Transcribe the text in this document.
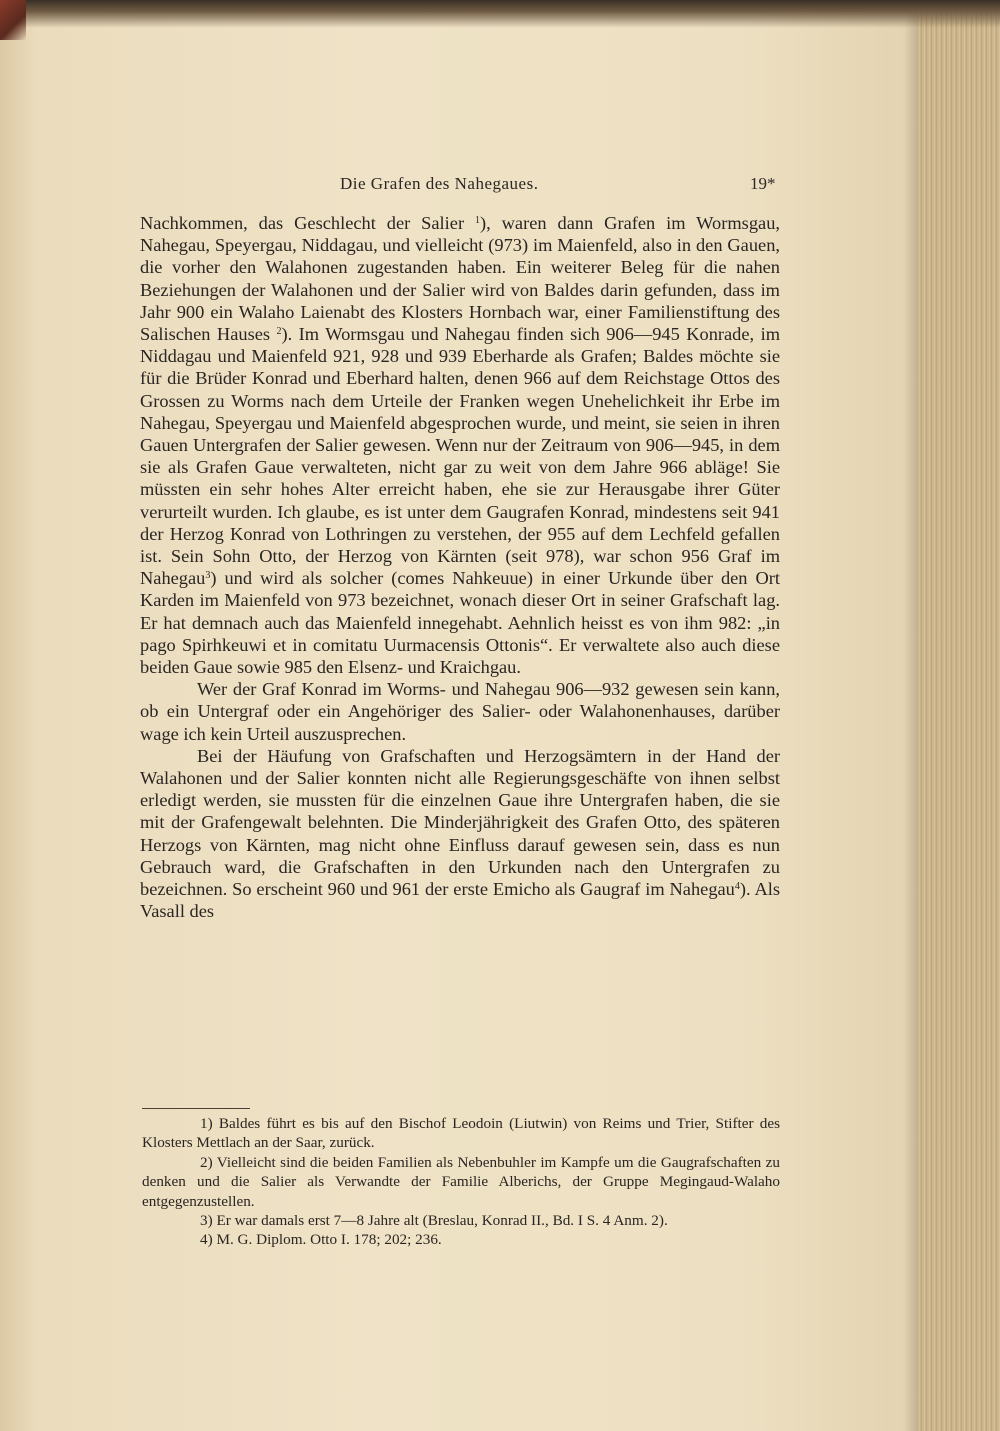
Die Grafen des Nahegaues.	19*

Nachkommen, das Geschlecht der Salier $^1$), waren dann Grafen im Wormsgau, Nahegau, Speyergau, Niddagau, und vielleicht (973) im Maienfeld, also in den Gauen, die vorher den Walahonen zugestanden haben. Ein weiterer Beleg für die nahen Beziehungen der Walahonen und der Salier wird von Baldes darin gefunden, dass im Jahr 900 ein Walaho Laienabt des Klosters Hornbach war, einer Familienstiftung des Salischen Hauses $^2$). Im Wormsgau und Nahegau finden sich 906—945 Konrade, im Niddagau und Maienfeld 921, 928 und 939 Eberharde als Grafen; Baldes möchte sie für die Brüder Konrad und Eberhard halten, denen 966 auf dem Reichstage Ottos des Grossen zu Worms nach dem Urteile der Franken wegen Unehelichkeit ihr Erbe im Nahegau, Speyergau und Maienfeld abgesprochen wurde, und meint, sie seien in ihren Gauen Untergrafen der Salier gewesen. Wenn nur der Zeitraum von 906—945, in dem sie als Grafen Gaue verwalteten, nicht gar zu weit von dem Jahre 966 abläge! Sie müssten ein sehr hohes Alter erreicht haben, ehe sie zur Herausgabe ihrer Güter verurteilt wurden. Ich glaube, es ist unter dem Gaugrafen Konrad, mindestens seit 941 der Herzog Konrad von Lothringen zu verstehen, der 955 auf dem Lechfeld gefallen ist. Sein Sohn Otto, der Herzog von Kärnten (seit 978), war schon 956 Graf im Nahegau$^3$) und wird als solcher (comes Nahkeuue) in einer Urkunde über den Ort Karden im Maienfeld von 973 bezeichnet, wonach dieser Ort in seiner Grafschaft lag. Er hat demnach auch das Maienfeld innegehabt. Aehnlich heisst es von ihm 982: „in pago Spirhkeuwi et in comitatu Uurmacensis Ottonis“. Er verwaltete also auch diese beiden Gaue sowie 985 den Elsenz- und Kraichgau.

Wer der Graf Konrad im Worms- und Nahegau 906—932 gewesen sein kann, ob ein Untergraf oder ein Angehöriger des Salier- oder Walahonenhauses, darüber wage ich kein Urteil auszusprechen.

Bei der Häufung von Grafschaften und Herzogsämtern in der Hand der Walahonen und der Salier konnten nicht alle Regierungsgeschäfte von ihnen selbst erledigt werden, sie mussten für die einzelnen Gaue ihre Untergrafen haben, die sie mit der Grafengewalt belehnten. Die Minderjährigkeit des Grafen Otto, des späteren Herzogs von Kärnten, mag nicht ohne Einfluss darauf gewesen sein, dass es nun Gebrauch ward, die Grafschaften in den Urkunden nach den Untergrafen zu bezeichnen. So erscheint 960 und 961 der erste Emicho als Gaugraf im Nahegau$^4$). Als Vasall des

1) Baldes führt es bis auf den Bischof Leodoin (Liutwin) von Reims und Trier, Stifter des Klosters Mettlach an der Saar, zurück.

2) Vielleicht sind die beiden Familien als Nebenbuhler im Kampfe um die Gaugrafschaften zu denken und die Salier als Verwandte der Familie Alberichs, der Gruppe Megingaud-Walaho entgegenzustellen.

3) Er war damals erst 7—8 Jahre alt (Breslau, Konrad II., Bd. I S. 4 Anm. 2).

4) M. G. Diplom. Otto I. 178; 202; 236.
